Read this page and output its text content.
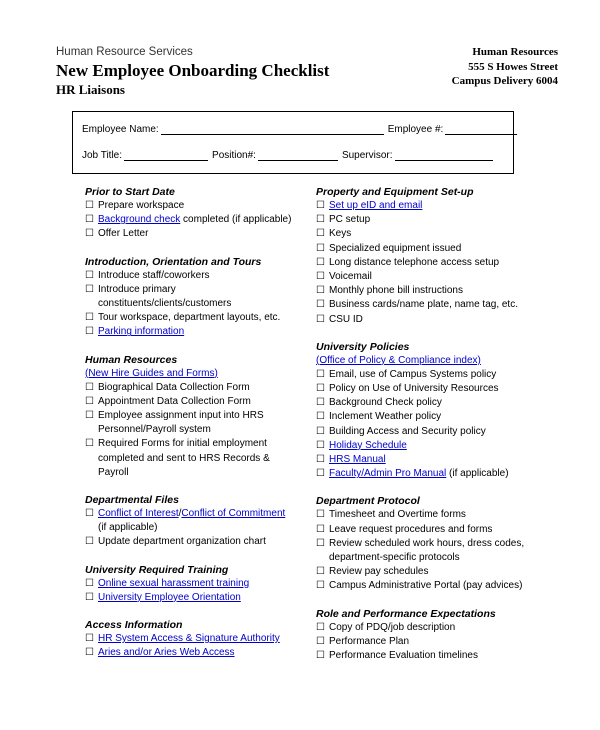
Human Resource Services
New Employee Onboarding Checklist
HR Liaisons
Human Resources
555 S Howes Street
Campus Delivery 6004
Employee Name:	Employee #:
Job Title:	Position#:	Supervisor:
Prior to Start Date
☐ Prepare workspace
☐ Background check completed (if applicable)
☐ Offer Letter
Introduction, Orientation and Tours
☐ Introduce staff/coworkers
☐ Introduce primary
constituents/clients/customers
☐ Tour workspace, department layouts, etc.
☐ Parking information
Human Resources
(New Hire Guides and Forms)
☐ Biographical Data Collection Form
☐ Appointment Data Collection Form
☐ Employee assignment input into HRS
Personnel/Payroll system
☐ Required Forms for initial employment
completed and sent to HRS Records &
Payroll
Departmental Files
☐ Conflict of Interest/Conflict of Commitment
(if applicable)
☐ Update department organization chart
University Required Training
☐ Online sexual harassment training
☐ University Employee Orientation
Access Information
☐ HR System Access & Signature Authority
☐ Aries and/or Aries Web Access
Property and Equipment Set-up
☐ Set up eID and email
☐ PC setup
☐ Keys
☐ Specialized equipment issued
☐ Long distance telephone access setup
☐ Voicemail
☐ Monthly phone bill instructions
☐ Business cards/name plate, name tag, etc.
☐ CSU ID
University Policies
(Office of Policy & Compliance index)
☐ Email, use of Campus Systems policy
☐ Policy on Use of University Resources
☐ Background Check policy
☐ Inclement Weather policy
☐ Building Access and Security policy
☐ Holiday Schedule
☐ HRS Manual
☐ Faculty/Admin Pro Manual (if applicable)
Department Protocol
☐ Timesheet and Overtime forms
☐ Leave request procedures and forms
☐ Review scheduled work hours, dress codes,
department-specific protocols
☐ Review pay schedules
☐ Campus Administrative Portal (pay advices)
Role and Performance Expectations
☐ Copy of PDQ/job description
☐ Performance Plan
☐ Performance Evaluation timelines
